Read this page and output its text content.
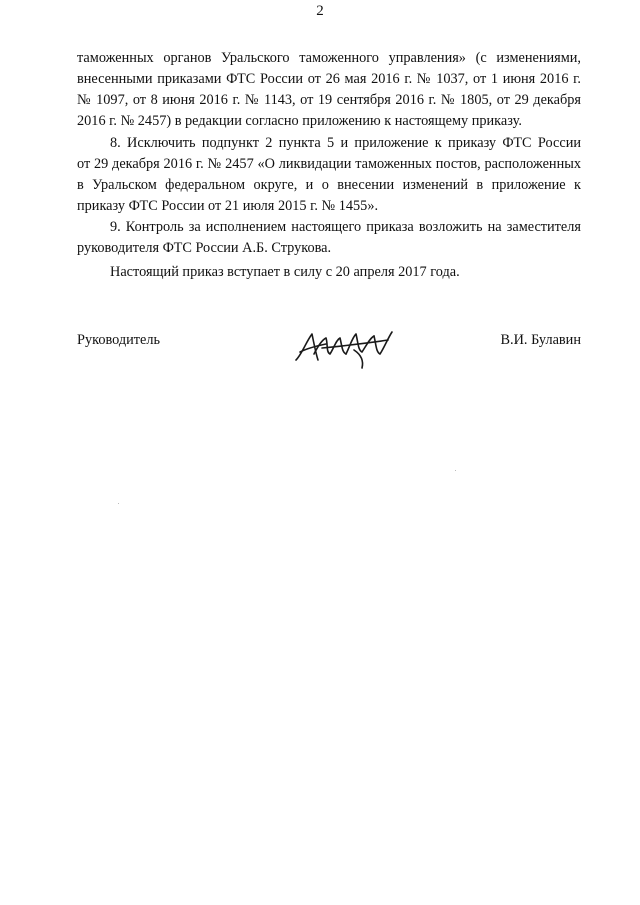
2
таможенных органов Уральского таможенного управления» (с изменениями,
внесенными приказами ФТС России от 26 мая 2016 г. № 1037, от 1 июня 2016 г.
№ 1097, от 8 июня 2016 г. № 1143, от 19 сентября 2016 г. № 1805, от 29 декабря
2016 г. № 2457) в редакции согласно приложению к настоящему приказу.
8. Исключить подпункт 2 пункта 5 и приложение к приказу ФТС России
от 29 декабря 2016 г. № 2457 «О ликвидации таможенных постов, расположенных
в Уральском федеральном округе, и о внесении изменений в приложение к
приказу ФТС России от 21 июля 2015 г. № 1455».
9. Контроль за исполнением настоящего приказа возложить на заместителя
руководителя ФТС России А.Б. Струкова.
Настоящий приказ вступает в силу с 20 апреля 2017 года.
Руководитель	В.И. Булавин
